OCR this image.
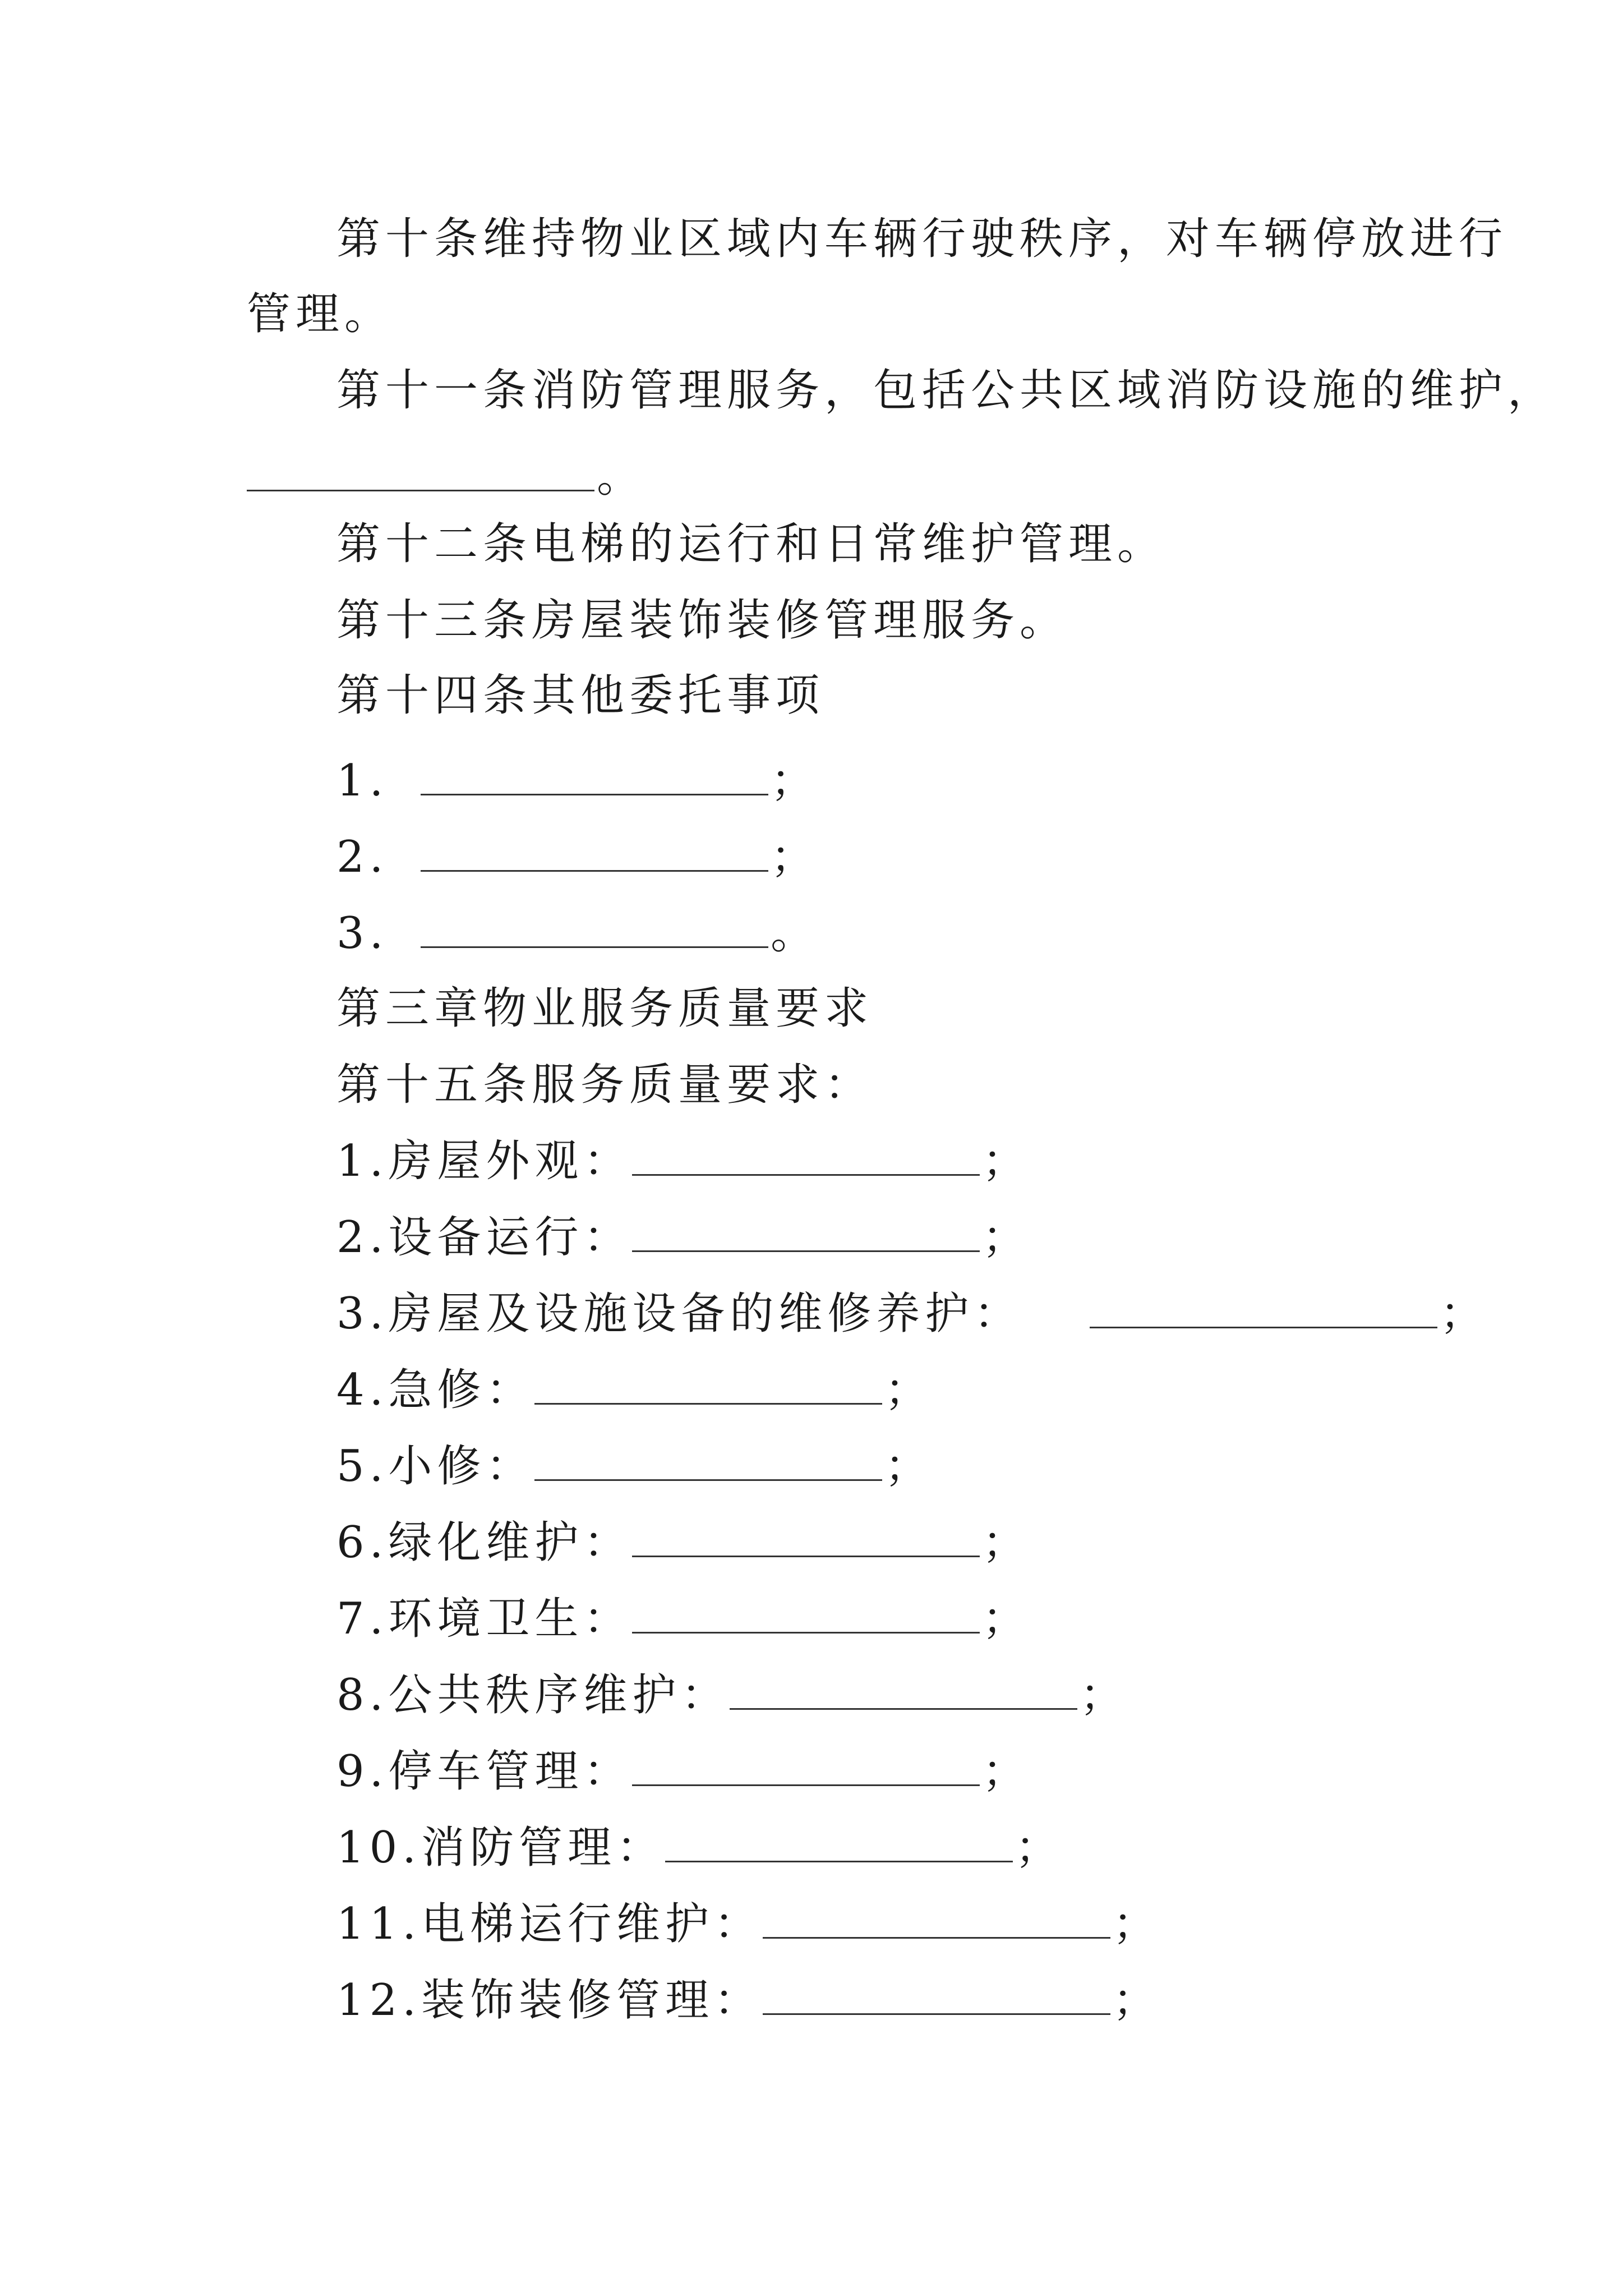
第十条维持物业区域内车辆行驶秩序，对车辆停放进行
管理。
第十一条消防管理服务，包括公共区域消防设施的维护，
。
第十二条电梯的运行和日常维护管理。
第十三条房屋装饰装修管理服务。
第十四条其他委托事项
1.	；
2.	；
3.	。
第三章物业服务质量要求
第十五条服务质量要求：
1.房屋外观：	；
2.设备运行：	；
3.房屋及设施设备的维修养护：	；
4.急修：	；
5.小修：	；
6.绿化维护：	；
7.环境卫生：	；
8.公共秩序维护：	；
9.停车管理：	；
10.消防管理：	；
11.电梯运行维护：	；
12.装饰装修管理：	；
